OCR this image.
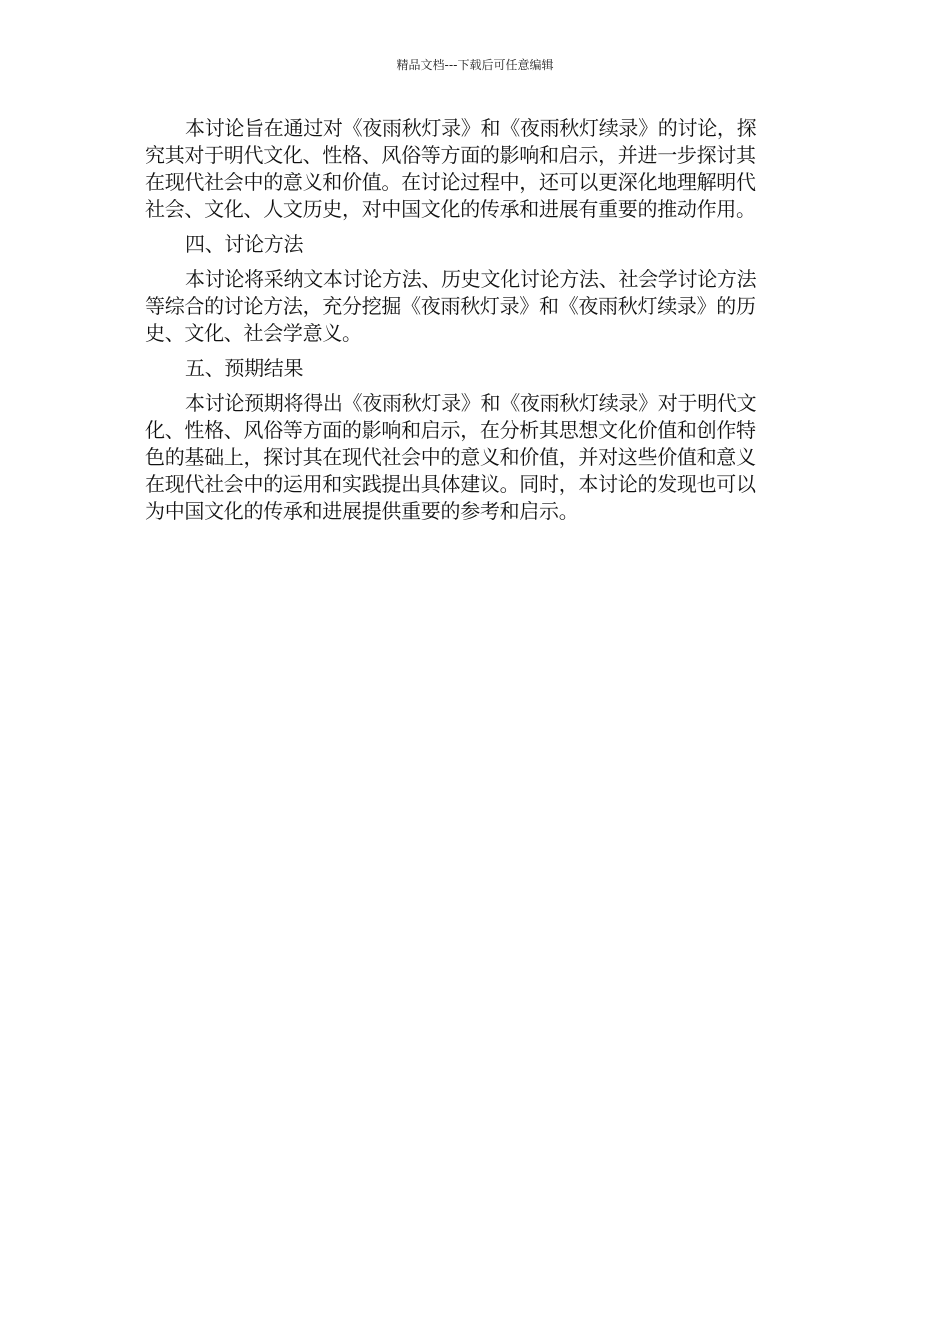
精品文档---下载后可任意编辑

本讨论旨在通过对《夜雨秋灯录》和《夜雨秋灯续录》的讨论，探
究其对于明代文化、性格、风俗等方面的影响和启示，并进一步探讨其
在现代社会中的意义和价值。在讨论过程中，还可以更深化地理解明代
社会、文化、人文历史，对中国文化的传承和进展有重要的推动作用。

四、讨论方法

本讨论将采纳文本讨论方法、历史文化讨论方法、社会学讨论方法
等综合的讨论方法，充分挖掘《夜雨秋灯录》和《夜雨秋灯续录》的历
史、文化、社会学意义。

五、预期结果

本讨论预期将得出《夜雨秋灯录》和《夜雨秋灯续录》对于明代文
化、性格、风俗等方面的影响和启示，在分析其思想文化价值和创作特
色的基础上，探讨其在现代社会中的意义和价值，并对这些价值和意义
在现代社会中的运用和实践提出具体建议。同时，本讨论的发现也可以
为中国文化的传承和进展提供重要的参考和启示。
